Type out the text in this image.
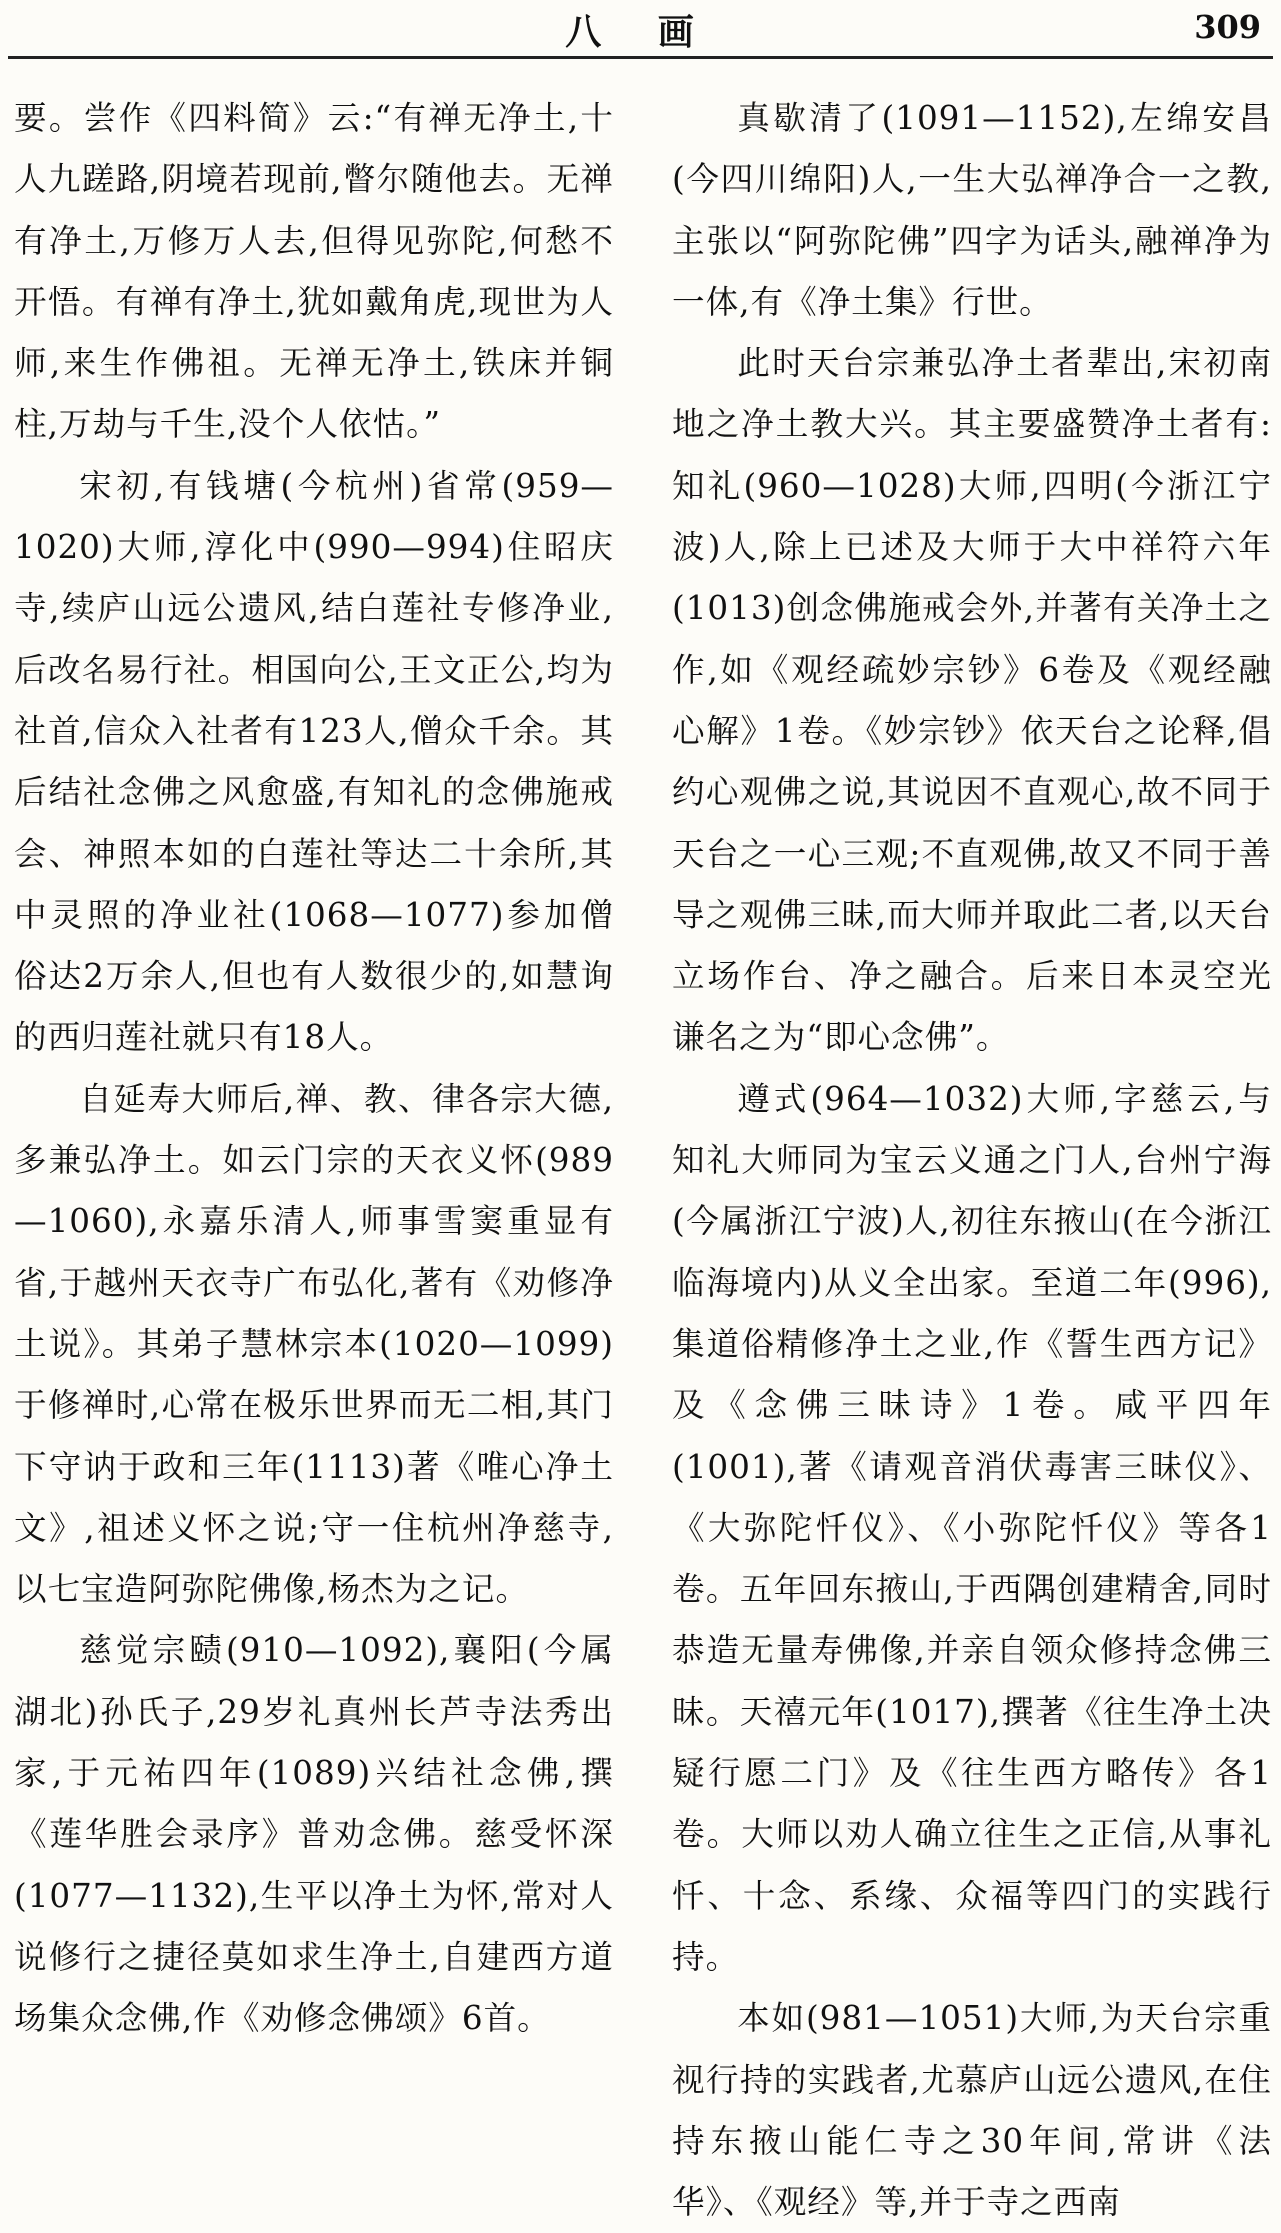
八 画	309

要。尝作《四料简》云:“有禅无净土,十人九蹉路,阴境若现前,瞥尔随他去。无禅有净土,万修万人去,但得见弥陀,何愁不开悟。有禅有净土,犹如戴角虎,现世为人师,来生作佛祖。无禅无净土,铁床并铜柱,万劫与千生,没个人依怙。”

宋初,有钱塘(今杭州)省常(959—1020)大师,淳化中(990—994)住昭庆寺,续庐山远公遗风,结白莲社专修净业,后改名易行社。相国向公,王文正公,均为社首,信众入社者有123人,僧众千余。其后结社念佛之风愈盛,有知礼的念佛施戒会、神照本如的白莲社等达二十余所,其中灵照的净业社(1068—1077)参加僧俗达2万余人,但也有人数很少的,如慧询的西归莲社就只有18人。

自延寿大师后,禅、教、律各宗大德,多兼弘净土。如云门宗的天衣义怀(989—1060),永嘉乐清人,师事雪窦重显有省,于越州天衣寺广布弘化,著有《劝修净土说》。其弟子慧林宗本(1020—1099)于修禅时,心常在极乐世界而无二相,其门下守讷于政和三年(1113)著《唯心净土文》,祖述义怀之说;守一住杭州净慈寺,以七宝造阿弥陀佛像,杨杰为之记。

慈觉宗赜(910—1092),襄阳(今属湖北)孙氏子,29岁礼真州长芦寺法秀出家,于元祐四年(1089)兴结社念佛,撰《莲华胜会录序》普劝念佛。慈受怀深(1077—1132),生平以净土为怀,常对人说修行之捷径莫如求生净土,自建西方道场集众念佛,作《劝修念佛颂》6首。

真歇清了(1091—1152),左绵安昌(今四川绵阳)人,一生大弘禅净合一之教,主张以“阿弥陀佛”四字为话头,融禅净为一体,有《净土集》行世。

此时天台宗兼弘净土者辈出,宋初南地之净土教大兴。其主要盛赞净土者有:知礼(960—1028)大师,四明(今浙江宁波)人,除上已述及大师于大中祥符六年(1013)创念佛施戒会外,并著有关净土之作,如《观经疏妙宗钞》6卷及《观经融心解》1卷。《妙宗钞》依天台之论释,倡约心观佛之说,其说因不直观心,故不同于天台之一心三观;不直观佛,故又不同于善导之观佛三昧,而大师并取此二者,以天台立场作台、净之融合。后来日本灵空光谦名之为“即心念佛”。

遵式(964—1032)大师,字慈云,与知礼大师同为宝云义通之门人,台州宁海(今属浙江宁波)人,初往东掖山(在今浙江临海境内)从义全出家。至道二年(996),集道俗精修净土之业,作《誓生西方记》及《念佛三昧诗》1卷。咸平四年(1001),著《请观音消伏毒害三昧仪》、《大弥陀忏仪》、《小弥陀忏仪》等各1卷。五年回东掖山,于西隅创建精舍,同时恭造无量寿佛像,并亲自领众修持念佛三昧。天禧元年(1017),撰著《往生净土决疑行愿二门》及《往生西方略传》各1卷。大师以劝人确立往生之正信,从事礼忏、十念、系缘、众福等四门的实践行持。

本如(981—1051)大师,为天台宗重视行持的实践者,尤慕庐山远公遗风,在住持东掖山能仁寺之30年间,常讲《法华》、《观经》等,并于寺之西南
